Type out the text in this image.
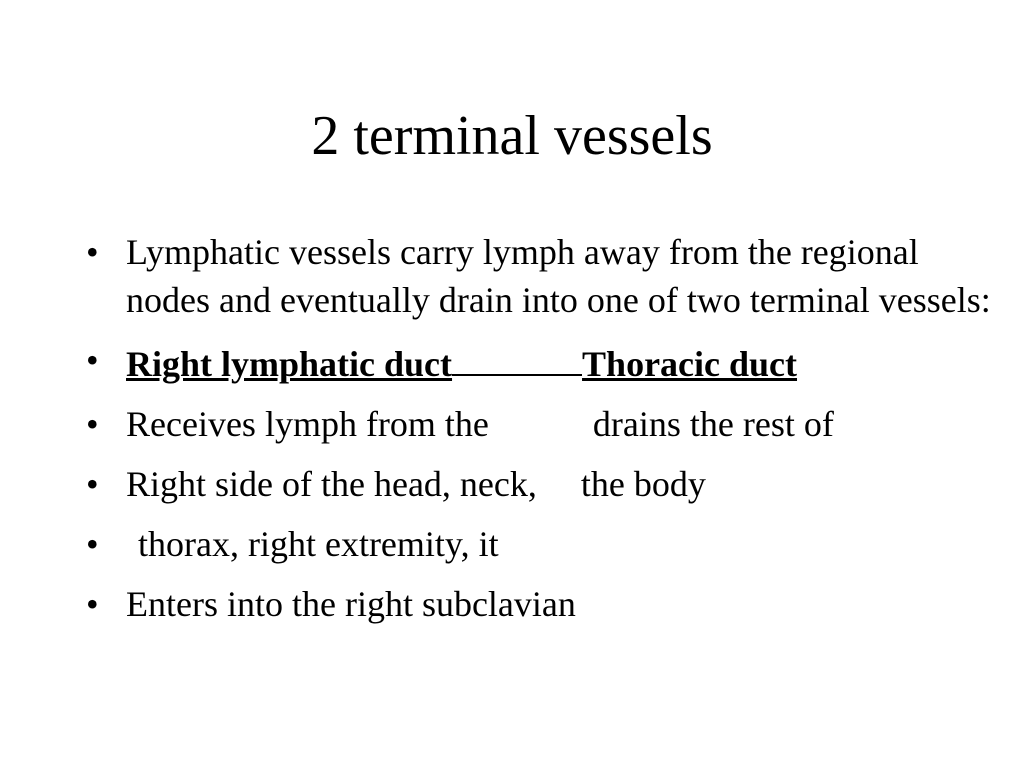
2 terminal vessels
• Lymphatic vessels carry lymph away from the regional nodes and eventually drain into one of two terminal vessels:
• Right lymphatic duct	Thoracic duct
• Receives lymph from the	drains the rest of
• Right side of the head, neck, the body
•	thorax, right extremity, it
• Enters into the right subclavian
